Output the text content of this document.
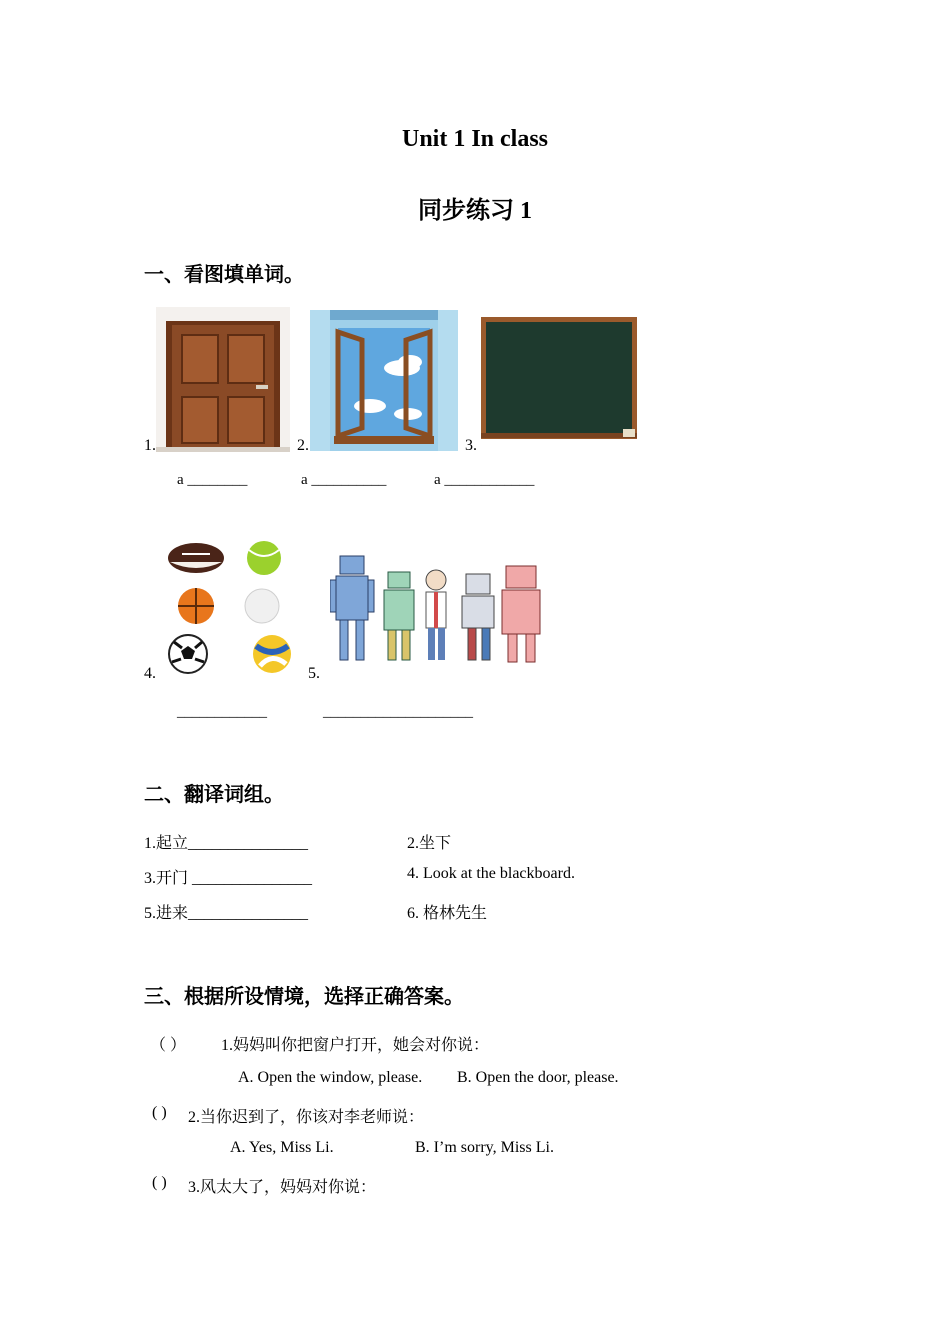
Unit 1 In class
同步练习 1
一、看图填单词。
1.
a ________
2.
a __________
3.
a ____________
4.
____________
5.
____________________
二、翻译词组。
1.起立_______________	2.坐下
3.开门 _______________	4. Look at the blackboard.
5.进来_______________	6. 格林先生
三、根据所设情境，选择正确答案。
（ ） 1.妈妈叫你把窗户打开，她会对你说：
A. Open the window, please. B. Open the door, please.
( ) 2.当你迟到了，你该对李老师说：
A. Yes, Miss Li.	B. I’m sorry, Miss Li.
( ) 3.风太大了，妈妈对你说：
